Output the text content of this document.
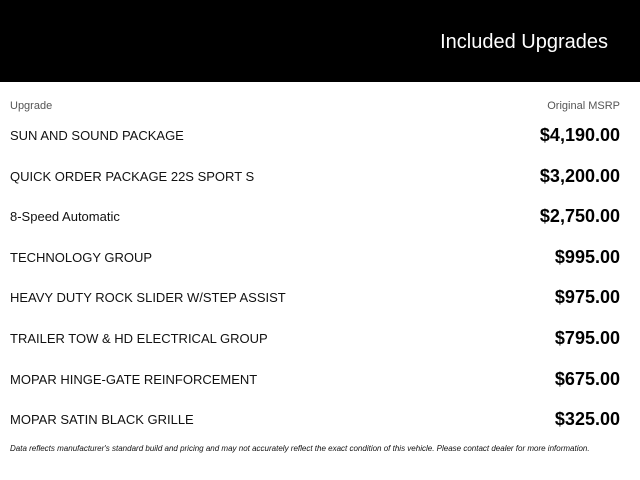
Included Upgrades
Upgrade	Original MSRP
SUN AND SOUND PACKAGE	$4,190.00
QUICK ORDER PACKAGE 22S SPORT S	$3,200.00
8-Speed Automatic	$2,750.00
TECHNOLOGY GROUP	$995.00
HEAVY DUTY ROCK SLIDER W/STEP ASSIST	$975.00
TRAILER TOW & HD ELECTRICAL GROUP	$795.00
MOPAR HINGE-GATE REINFORCEMENT	$675.00
MOPAR SATIN BLACK GRILLE	$325.00
Data reflects manufacturer's standard build and pricing and may not accurately reflect the exact condition of this vehicle. Please contact dealer for more information.
